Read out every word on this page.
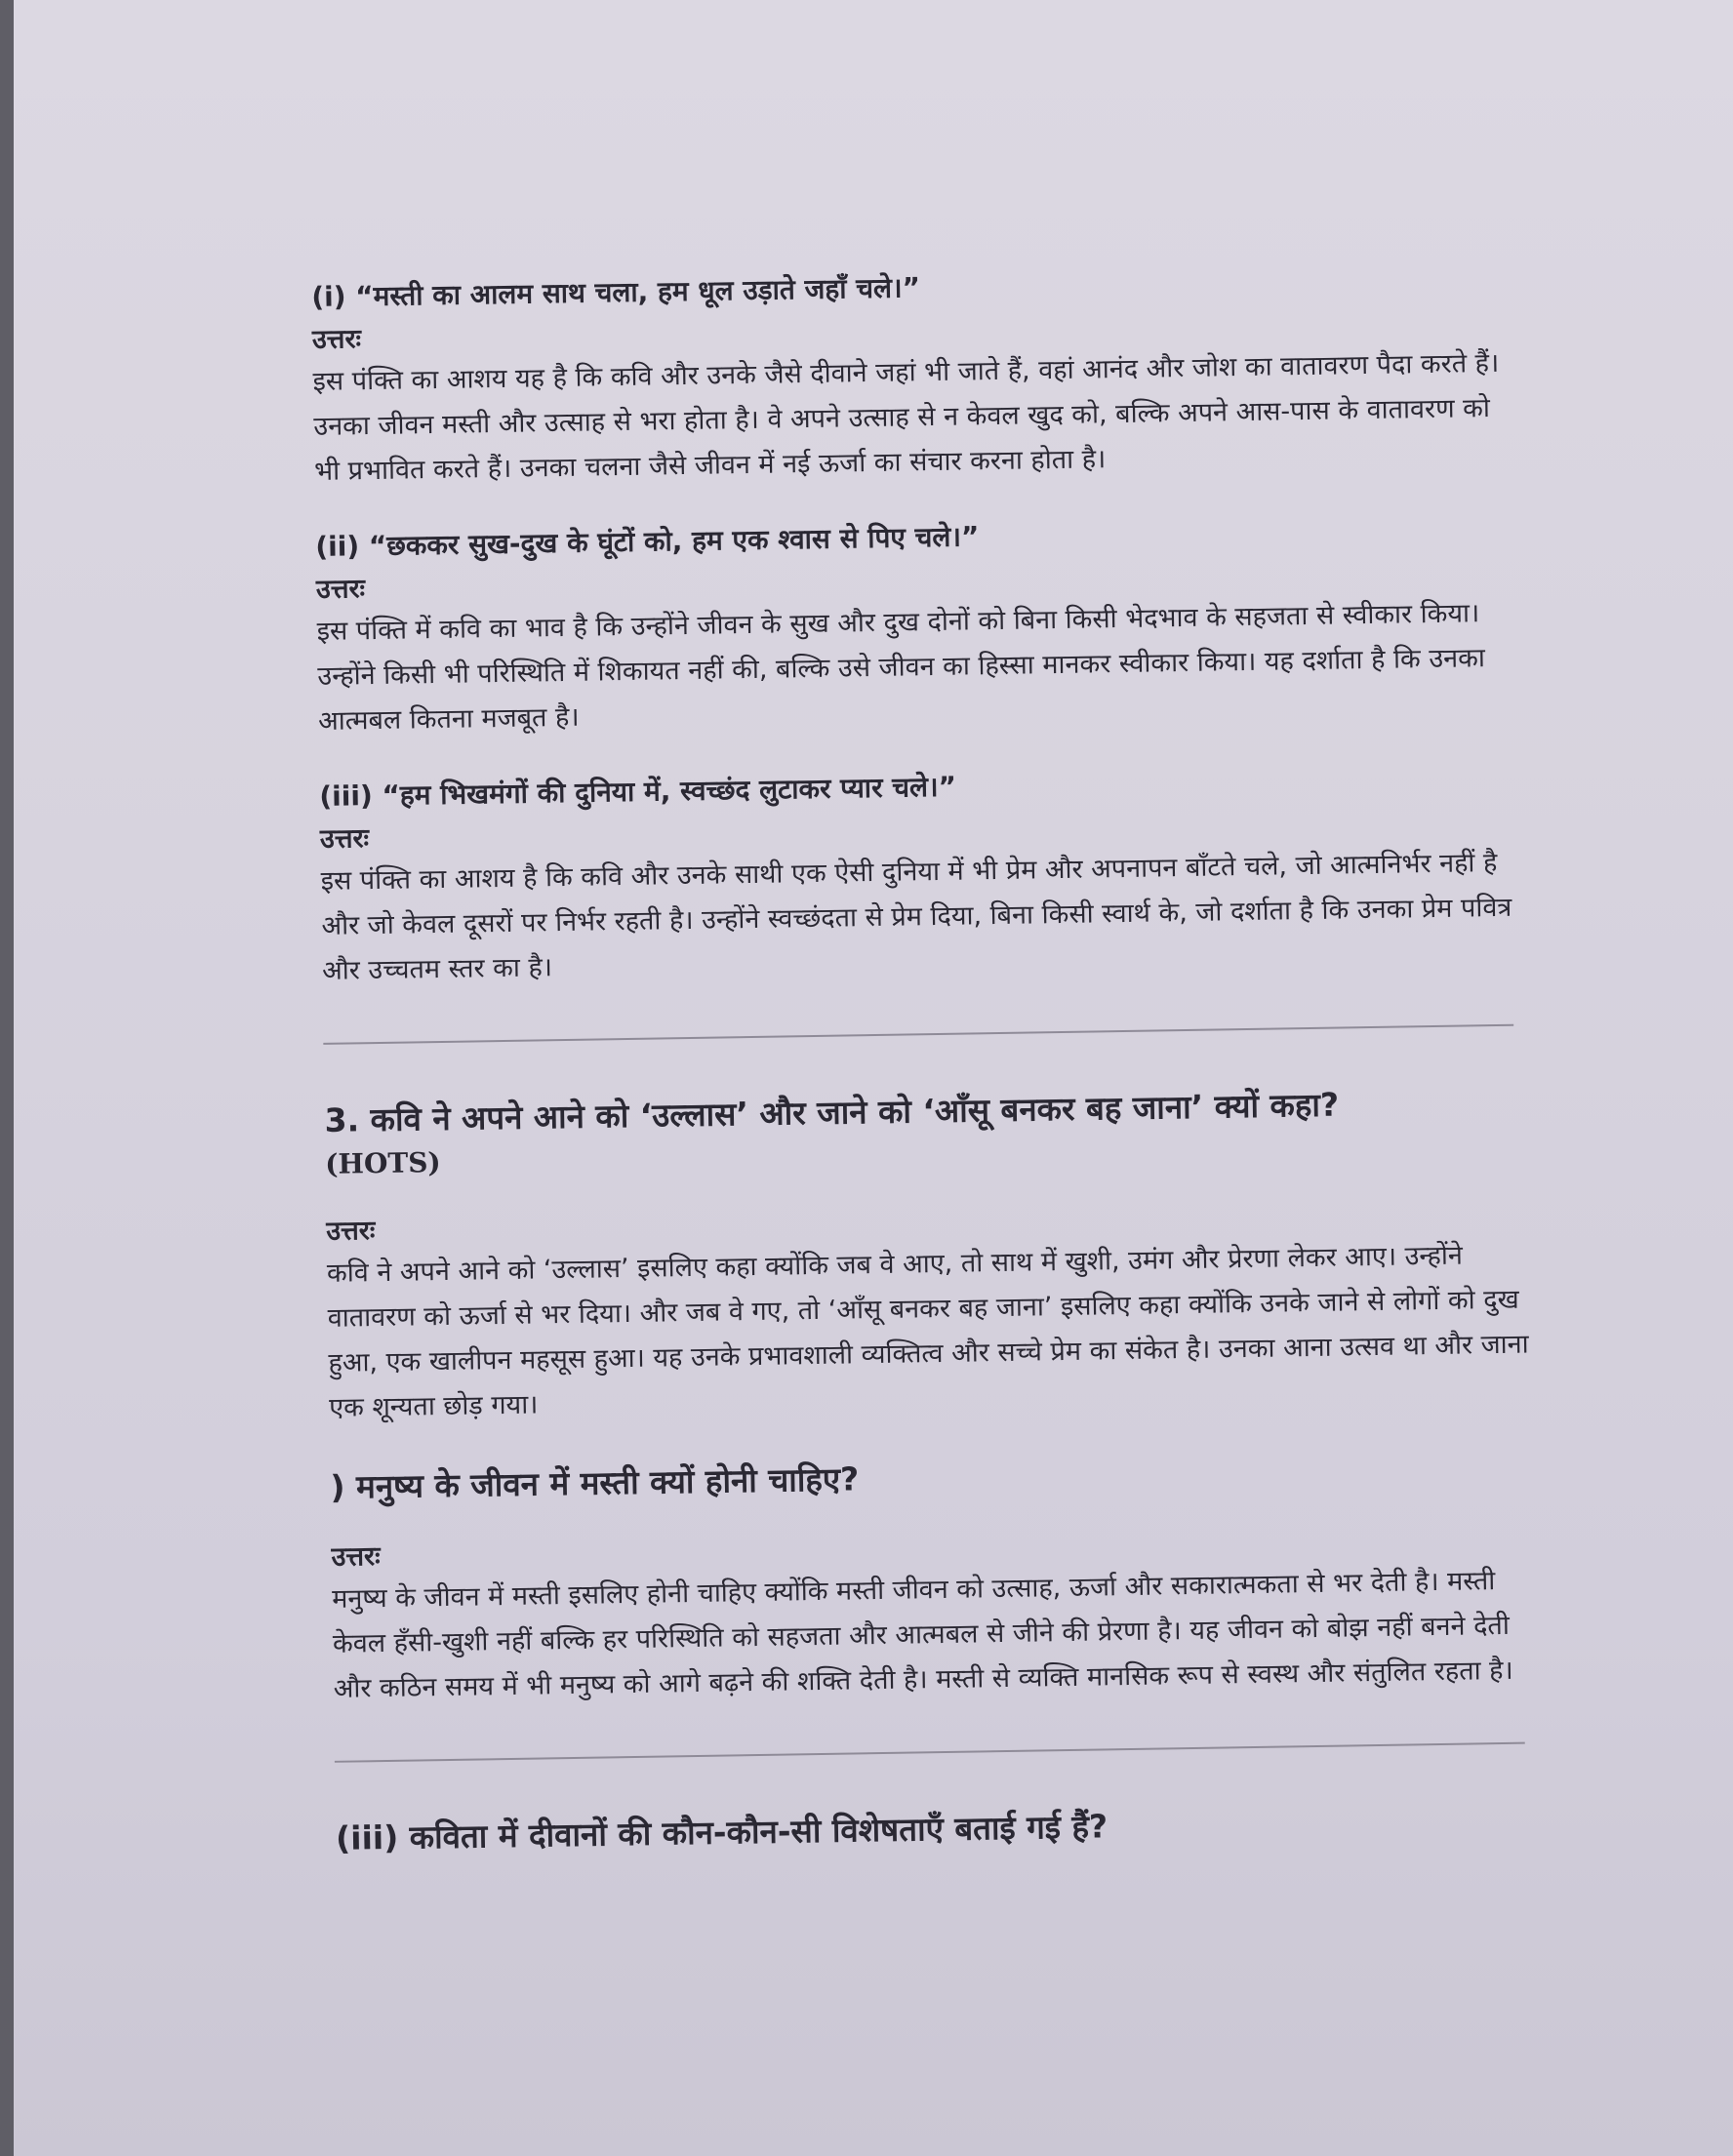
(i) “मस्ती का आलम साथ चला, हम धूल उड़ाते जहाँ चले।”

उत्तरः

इस पंक्ति का आशय यह है कि कवि और उनके जैसे दीवाने जहां भी जाते हैं, वहां आनंद और जोश का वातावरण पैदा करते हैं। उनका जीवन मस्ती और उत्साह से भरा होता है। वे अपने उत्साह से न केवल खुद को, बल्कि अपने आस-पास के वातावरण को भी प्रभावित करते हैं। उनका चलना जैसे जीवन में नई ऊर्जा का संचार करना होता है।

(ii) “छककर सुख-दुख के घूंटों को, हम एक श्वास से पिए चले।”

उत्तरः

इस पंक्ति में कवि का भाव है कि उन्होंने जीवन के सुख और दुख दोनों को बिना किसी भेदभाव के सहजता से स्वीकार किया। उन्होंने किसी भी परिस्थिति में शिकायत नहीं की, बल्कि उसे जीवन का हिस्सा मानकर स्वीकार किया। यह दर्शाता है कि उनका आत्मबल कितना मजबूत है।

(iii) “हम भिखमंगों की दुनिया में, स्वच्छंद लुटाकर प्यार चले।”

उत्तरः

इस पंक्ति का आशय है कि कवि और उनके साथी एक ऐसी दुनिया में भी प्रेम और अपनापन बाँटते चले, जो आत्मनिर्भर नहीं है और जो केवल दूसरों पर निर्भर रहती है। उन्होंने स्वच्छंदता से प्रेम दिया, बिना किसी स्वार्थ के, जो दर्शाता है कि उनका प्रेम पवित्र और उच्चतम स्तर का है।

3. कवि ने अपने आने को ‘उल्लास’ और जाने को ‘आँसू बनकर बह जाना’ क्यों कहा?

(HOTS)

उत्तरः

कवि ने अपने आने को ‘उल्लास’ इसलिए कहा क्योंकि जब वे आए, तो साथ में खुशी, उमंग और प्रेरणा लेकर आए। उन्होंने वातावरण को ऊर्जा से भर दिया। और जब वे गए, तो ‘आँसू बनकर बह जाना’ इसलिए कहा क्योंकि उनके जाने से लोगों को दुख हुआ, एक खालीपन महसूस हुआ। यह उनके प्रभावशाली व्यक्तित्व और सच्चे प्रेम का संकेत है। उनका आना उत्सव था और जाना एक शून्यता छोड़ गया।

) मनुष्य के जीवन में मस्ती क्यों होनी चाहिए?

उत्तरः

मनुष्य के जीवन में मस्ती इसलिए होनी चाहिए क्योंकि मस्ती जीवन को उत्साह, ऊर्जा और सकारात्मकता से भर देती है। मस्ती केवल हँसी-खुशी नहीं बल्कि हर परिस्थिति को सहजता और आत्मबल से जीने की प्रेरणा है। यह जीवन को बोझ नहीं बनने देती और कठिन समय में भी मनुष्य को आगे बढ़ने की शक्ति देती है। मस्ती से व्यक्ति मानसिक रूप से स्वस्थ और संतुलित रहता है।

(iii) कविता में दीवानों की कौन-कौन-सी विशेषताएँ बताई गई हैं?
